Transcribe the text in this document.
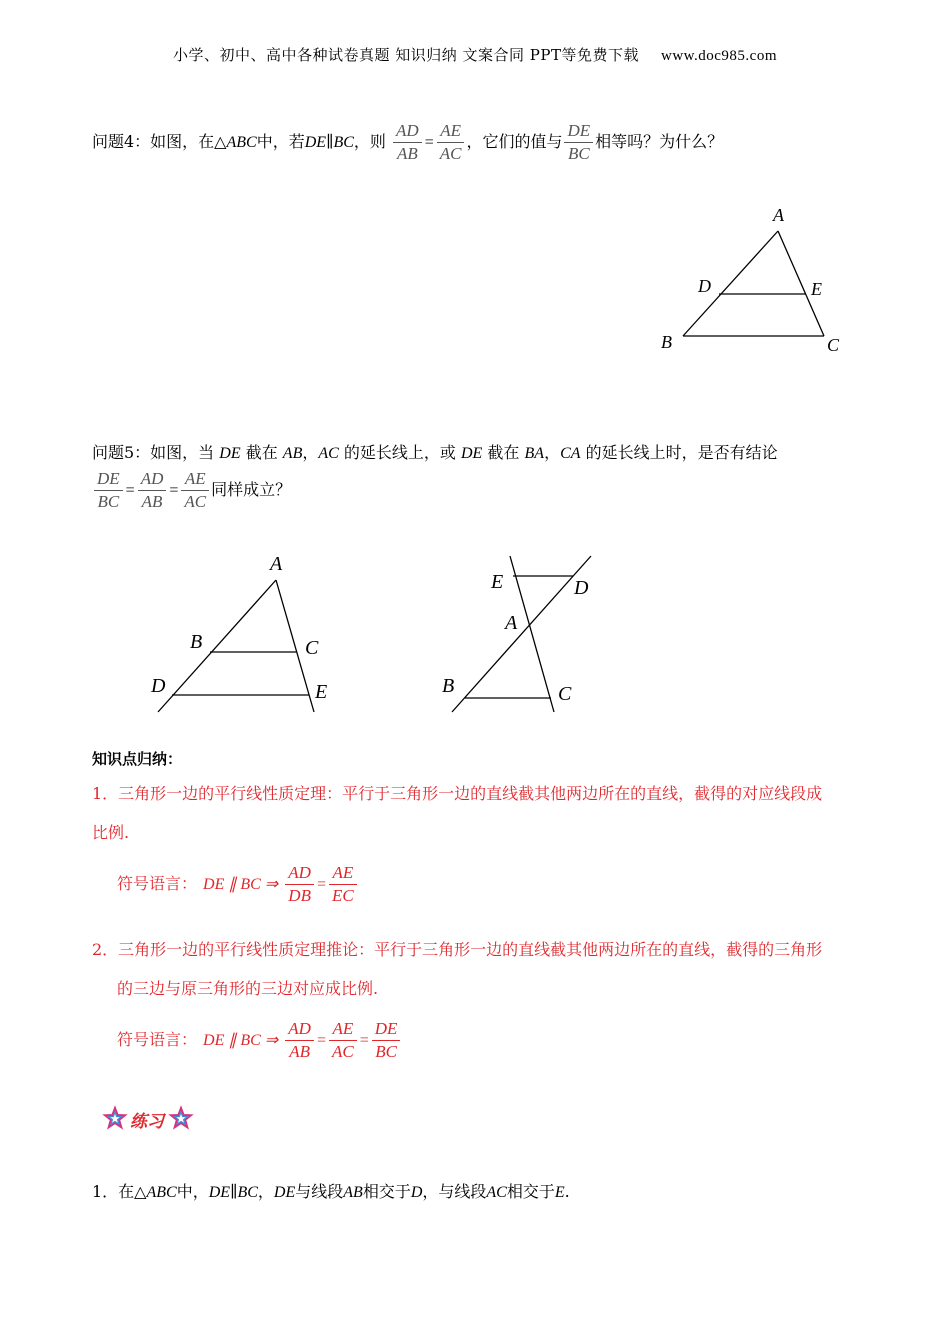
小学、初中、高中各种试卷真题 知识归纳 文案合同 PPT等免费下载 www.doc985.com
问题4：如图，在△ABC中，若DE∥BC，则 $\frac{AD}{AB} = \frac{AE}{AC}$ ，它们的值与 $\frac{DE}{BC}$ 相等吗？为什么？
A
D	E
B	C
问题5：如图，当 DE 截在 AB，AC 的延长线上，或 DE 截在 BA，CA 的延长线上时，是否有结论
$\frac{DE}{BC} = \frac{AD}{AB} = \frac{AE}{AC}$ 同样成立？
A
B	C
D	E
E	D
A
B	C
知识点归纳：
1．三角形一边的平行线性质定理：平行于三角形一边的直线截其他两边所在的直线，截得的对应线段成
比例.
符号语言： DE ∥ BC ⇒ $\frac{AD}{DB} = \frac{AE}{EC}$
2．三角形一边的平行线性质定理推论：平行于三角形一边的直线截其他两边所在的直线，截得的三角形
的三边与原三角形的三边对应成比例.
符号语言： DE ∥ BC ⇒ $\frac{AD}{AB} = \frac{AE}{AC} = \frac{DE}{BC}$
练习
1．在△ABC中，DE∥BC，DE与线段AB相交于D，与线段AC相交于E.
